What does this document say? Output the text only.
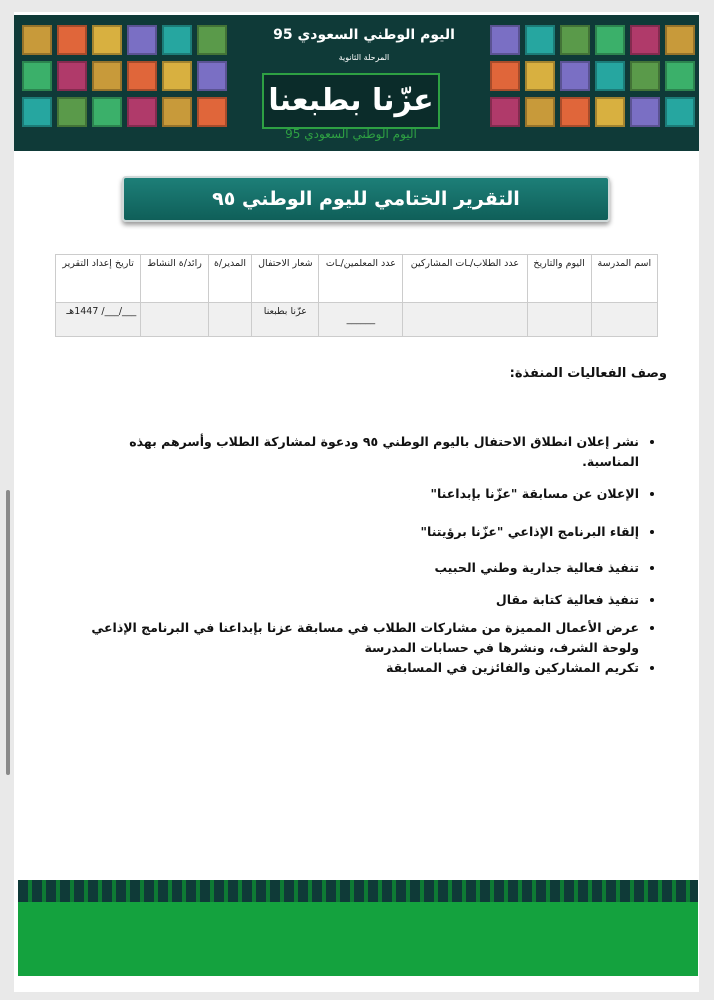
اليوم الوطني السعودي 95
المرحلة الثانوية
عزّنا بطبعنا
اليوم الوطني السعودي 95
التقرير الختامي لليوم الوطني ٩٥
اسم المدرسة	اليوم والتاريخ	عدد الطلاب/ـات المشاركين	عدد المعلمين/ـات	شعار الاحتفال	المدير/ة	رائد/ة النشاط	تاريخ إعداد التقرير
			______	عزّنا بطبعنا			___/___/ 1447هـ
وصف الفعاليات المنفذة:
• نشر إعلان انطلاق الاحتفال باليوم الوطني ٩٥ ودعوة لمشاركة الطلاب وأسرهم بهذه المناسبة.
• الإعلان عن مسابقة "عزّنا بإبداعنا"
• إلقاء البرنامج الإذاعي "عزّنا برؤيتنا"
• تنفيذ فعالية جدارية وطني الحبيب
• تنفيذ فعالية كتابة مقال
• عرض الأعمال المميزة من مشاركات الطلاب في مسابقة عزنا بإبداعنا في البرنامج الإذاعي ولوحة الشرف، ونشرها في حسابات المدرسة
• تكريم المشاركين والفائزين في المسابقة
